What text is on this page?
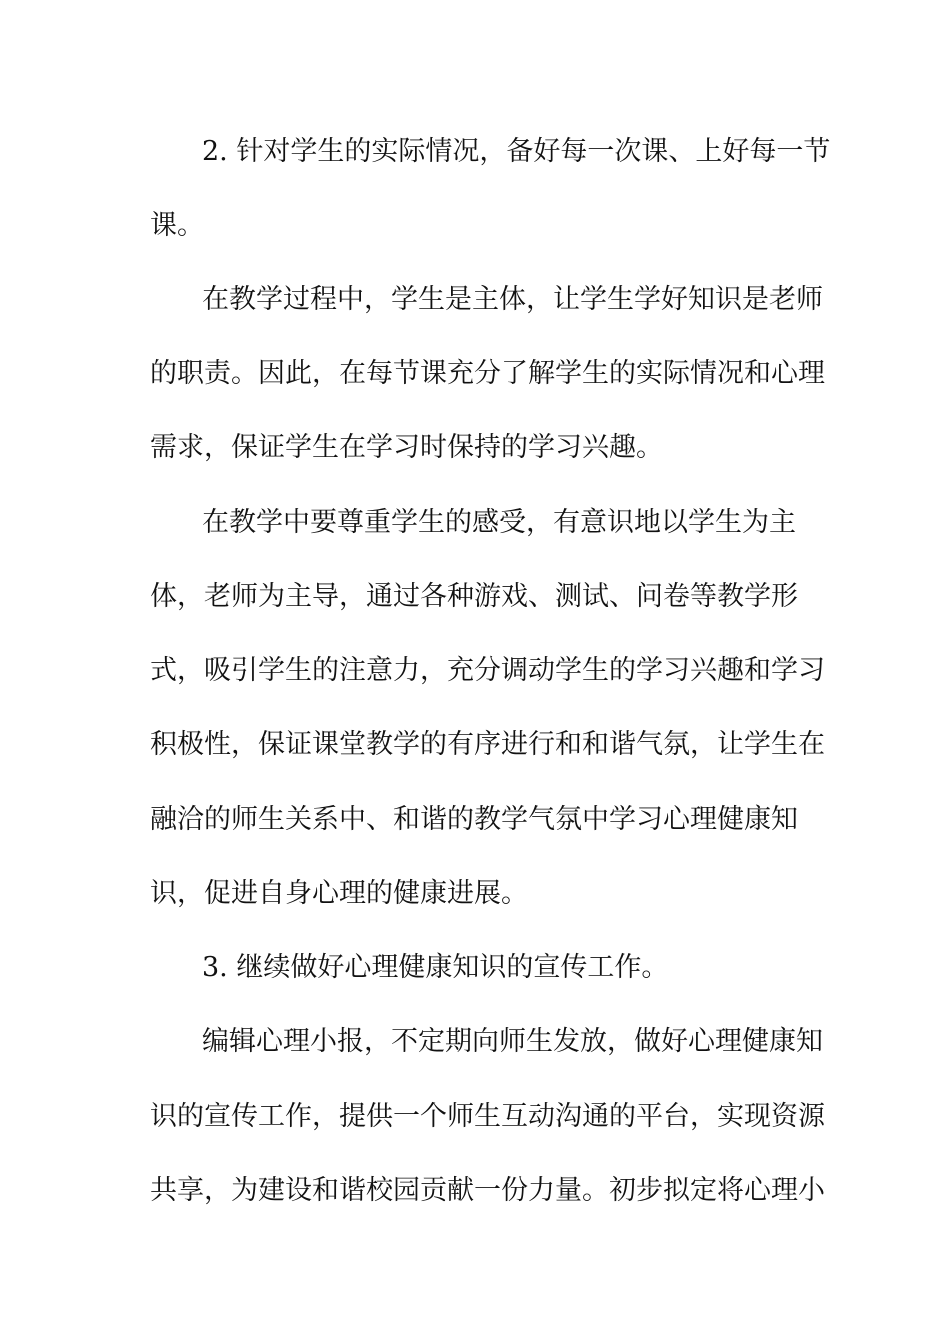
2. 针对学生的实际情况，备好每一次课、上好每一节
课。
在教学过程中，学生是主体，让学生学好知识是老师
的职责。因此，在每节课充分了解学生的实际情况和心理
需求，保证学生在学习时保持的学习兴趣。
在教学中要尊重学生的感受，有意识地以学生为主
体，老师为主导，通过各种游戏、测试、问卷等教学形
式，吸引学生的注意力，充分调动学生的学习兴趣和学习
积极性，保证课堂教学的有序进行和和谐气氛，让学生在
融洽的师生关系中、和谐的教学气氛中学习心理健康知
识，促进自身心理的健康进展。
3. 继续做好心理健康知识的宣传工作。
编辑心理小报，不定期向师生发放，做好心理健康知
识的宣传工作，提供一个师生互动沟通的平台，实现资源
共享，为建设和谐校园贡献一份力量。初步拟定将心理小
